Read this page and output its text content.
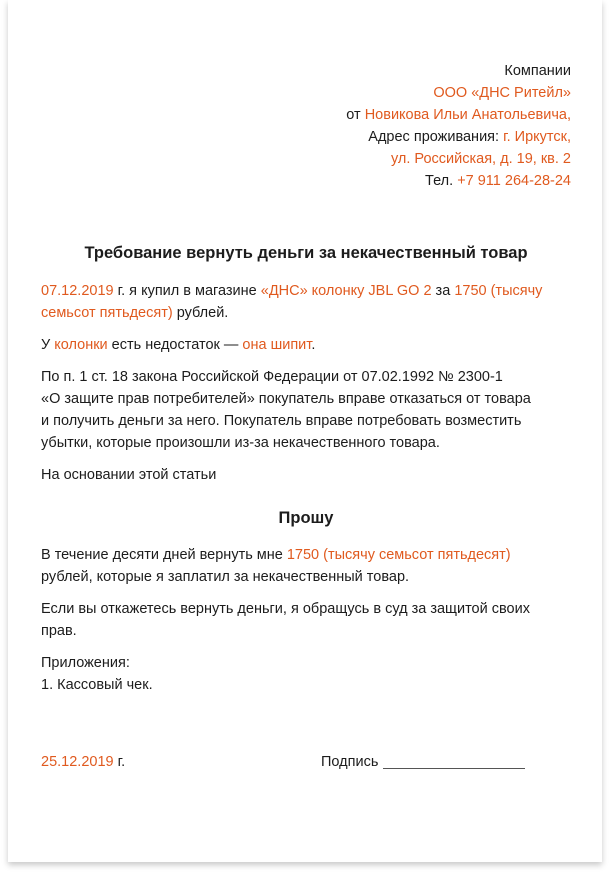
Компании
ООО «ДНС Ритейл»
от Новикова Ильи Анатольевича,
Адрес проживания: г. Иркутск,
ул. Российская, д. 19, кв. 2
Тел. +7 911 264-28-24
Требование вернуть деньги за некачественный товар
07.12.2019 г. я купил в магазине «ДНС» колонку JBL GO 2 за 1750 (тысячу
семьсот пятьдесят) рублей.
У колонки есть недостаток — она шипит.
По п. 1 ст. 18 закона Российской Федерации от 07.02.1992 № 2300-1
«О защите прав потребителей» покупатель вправе отказаться от товара
и получить деньги за него. Покупатель вправе потребовать возместить
убытки, которые произошли из-за некачественного товара.
На основании этой статьи
Прошу
В течение десяти дней вернуть мне 1750 (тысячу семьсот пятьдесят)
рублей, которые я заплатил за некачественный товар.
Если вы откажетесь вернуть деньги, я обращусь в суд за защитой своих
прав.
Приложения:
1. Кассовый чек.
25.12.2019 г.	Подпись
